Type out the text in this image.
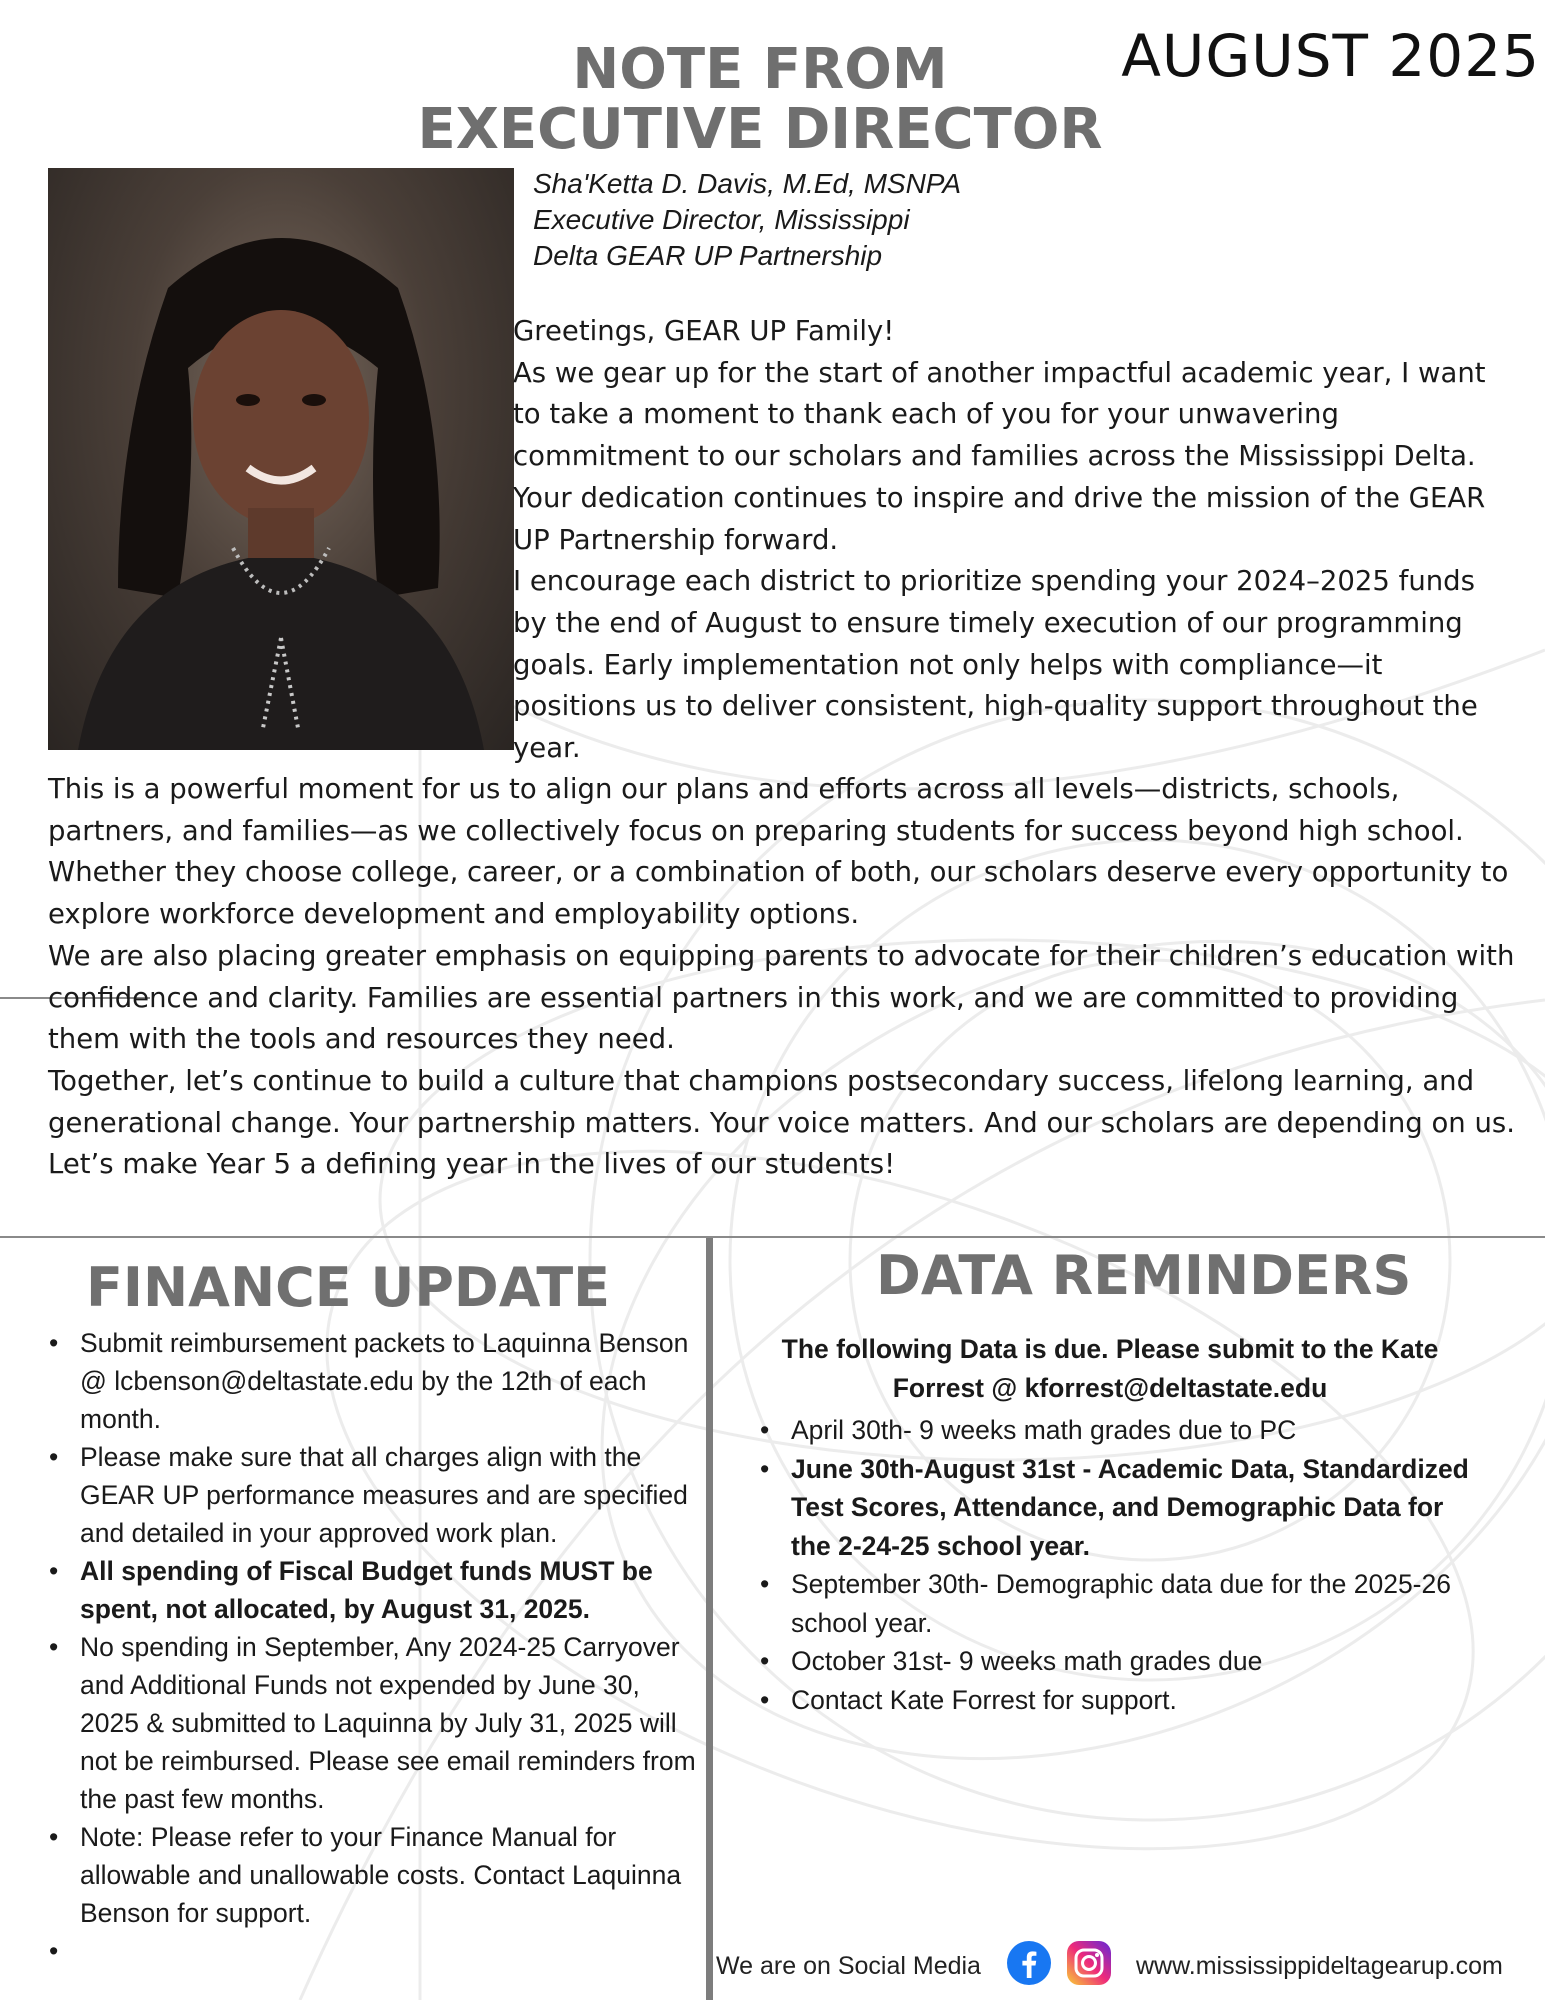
AUGUST 2025
NOTE FROM
EXECUTIVE DIRECTOR
Sha'Ketta D. Davis, M.Ed, MSNPA
Executive Director, Mississippi
Delta GEAR UP Partnership

Greetings, GEAR UP Family!

As we gear up for the start of another impactful academic year, I want to take a moment to thank each of you for your unwavering commitment to our scholars and families across the Mississippi Delta. Your dedication continues to inspire and drive the mission of the GEAR UP Partnership forward.

I encourage each district to prioritize spending your 2024–2025 funds by the end of August to ensure timely execution of our programming goals. Early implementation not only helps with compliance—it positions us to deliver consistent, high-quality support throughout the year.

This is a powerful moment for us to align our plans and efforts across all levels—districts, schools, partners, and families—as we collectively focus on preparing students for success beyond high school. Whether they choose college, career, or a combination of both, our scholars deserve every opportunity to explore workforce development and employability options.

We are also placing greater emphasis on equipping parents to advocate for their children’s education with confidence and clarity. Families are essential partners in this work, and we are committed to providing them with the tools and resources they need.

Together, let’s continue to build a culture that champions postsecondary success, lifelong learning, and generational change. Your partnership matters. Your voice matters. And our scholars are depending on us.

Let’s make Year 5 a defining year in the lives of our students!

FINANCE UPDATE
• Submit reimbursement packets to Laquinna Benson @ lcbenson@deltastate.edu by the 12th of each month.
• Please make sure that all charges align with the GEAR UP performance measures and are specified and detailed in your approved work plan.
• All spending of Fiscal Budget funds MUST be spent, not allocated, by August 31, 2025.
• No spending in September, Any 2024-25 Carryover and Additional Funds not expended by June 30, 2025 & submitted to Laquinna by July 31, 2025 will not be reimbursed. Please see email reminders from the past few months.
• Note: Please refer to your Finance Manual for allowable and unallowable costs. Contact Laquinna Benson for support.
•
DATA REMINDERS
The following Data is due. Please submit to the Kate
Forrest @ kforrest@deltastate.edu
• April 30th- 9 weeks math grades due to PC
• June 30th-August 31st - Academic Data, Standardized Test Scores, Attendance, and Demographic Data for the 2-24-25 school year.
• September 30th- Demographic data due for the 2025-26 school year.
• October 31st- 9 weeks math grades due
• Contact Kate Forrest for support.
We are on Social Media	www.mississippideltagearup.com
